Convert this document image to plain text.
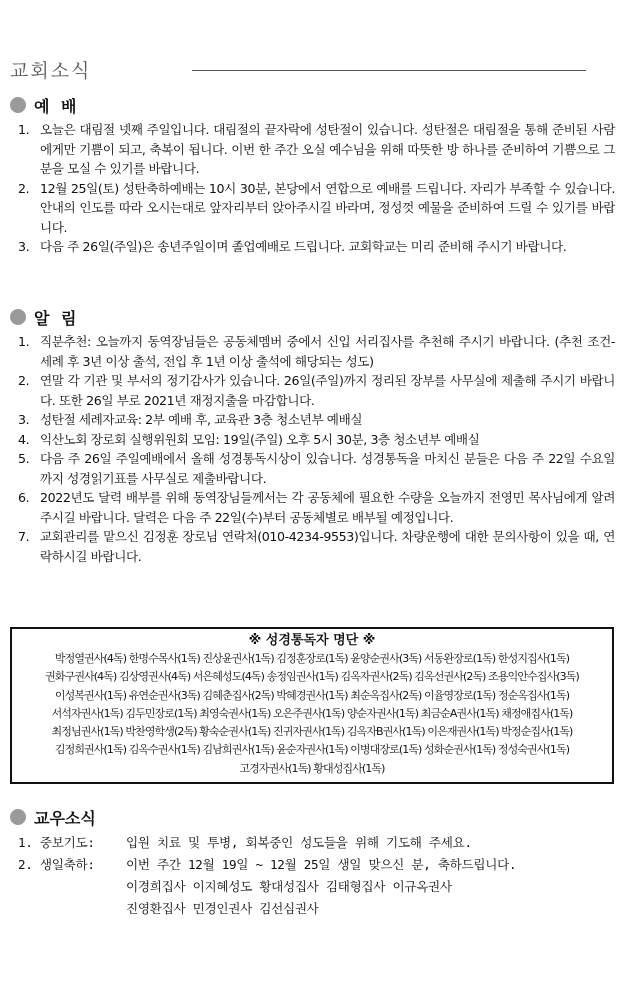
교회소식
예 배
1. 오늘은 대림절 넷째 주일입니다. 대림절의 끝자락에 성탄절이 있습니다. 성탄절은 대림절을 통해 준비된 사람에게만 기쁨이 되고, 축복이 됩니다. 이번 한 주간 오실 예수님을 위해 따뜻한 방 하나를 준비하여 기쁨으로 그분을 모실 수 있기를 바랍니다.
2. 12월 25일(토) 성탄축하예배는 10시 30분, 본당에서 연합으로 예배를 드립니다. 자리가 부족할 수 있습니다. 안내의 인도를 따라 오시는대로 앞자리부터 앉아주시길 바라며, 정성껏 예물을 준비하여 드릴 수 있기를 바랍니다.
3. 다음 주 26일(주일)은 송년주일이며 졸업예배로 드립니다. 교회학교는 미리 준비해 주시기 바랍니다.
알 림
1. 직분추천: 오늘까지 동역장님들은 공동체멤버 중에서 신입 서리집사를 추천해 주시기 바랍니다. (추천 조건- 세례 후 3년 이상 출석, 전입 후 1년 이상 출석에 해당되는 성도)
2. 연말 각 기관 및 부서의 정기감사가 있습니다. 26일(주일)까지 정리된 장부를 사무실에 제출해 주시기 바랍니다. 또한 26일 부로 2021년 재정지출을 마감합니다.
3. 성탄절 세례자교육: 2부 예배 후, 교육관 3층 청소년부 예배실
4. 익산노회 장로회 실행위원회 모임: 19일(주일) 오후 5시 30분, 3층 청소년부 예배실
5. 다음 주 26일 주일예배에서 올해 성경통독시상이 있습니다. 성경통독을 마치신 분들은 다음 주 22일 수요일까지 성경읽기표를 사무실로 제출바랍니다.
6. 2022년도 달력 배부를 위해 동역장님들께서는 각 공동체에 필요한 수량을 오늘까지 전영민 목사님에게 알려주시길 바랍니다. 달력은 다음 주 22일(수)부터 공동체별로 배부될 예정입니다.
7. 교회관리를 맡으신 김정훈 장로님 연락처(010-4234-9553)입니다. 차량운행에 대한 문의사항이 있을 때, 연락하시길 바랍니다.
※ 성경통독자 명단 ※
박정열권사(4독) 한명수목사(1독) 진상윤권사(1독) 김정훈장로(1독) 윤양순권사(3독) 서동완장로(1독) 한성지집사(1독)
권화구권사(4독) 김상영권사(4독) 서은혜성도(4독) 송정임권사(1독) 김옥자권사(2독) 김옥선권사(2독) 조용익안수집사(3독)
이성복권사(1독) 유연순권사(3독) 김혜춘집사(2독) 박혜경권사(1독) 최순옥집사(2독) 이율영장로(1독) 정순옥집사(1독)
서석자권사(1독) 김두민장로(1독) 최영숙권사(1독) 오은주권사(1독) 양순자권사(1독) 최금순A권사(1독) 채정애집사(1독)
최정님권사(1독) 박찬영학생(2독) 황숙순권사(1독) 진귀자권사(1독) 김옥자B권사(1독) 이은재권사(1독) 박정순집사(1독)
김정희권사(1독) 김옥수권사(1독) 김남희권사(1독) 윤순자권사(1독) 이병대장로(1독) 성화순권사(1독) 정성숙권사(1독)
고경자권사(1독) 황대성집사(1독)
교우소식
1. 중보기도:	입원 치료 및 투병, 회복중인 성도들을 위해 기도해 주세요.
2. 생일축하:	이번 주간 12월 19일 ~ 12월 25일 생일 맞으신 분, 축하드립니다.
이경희집사 이지혜성도 황대성집사 김태형집사 이규옥권사
진영환집사 민경인권사 김선심권사
